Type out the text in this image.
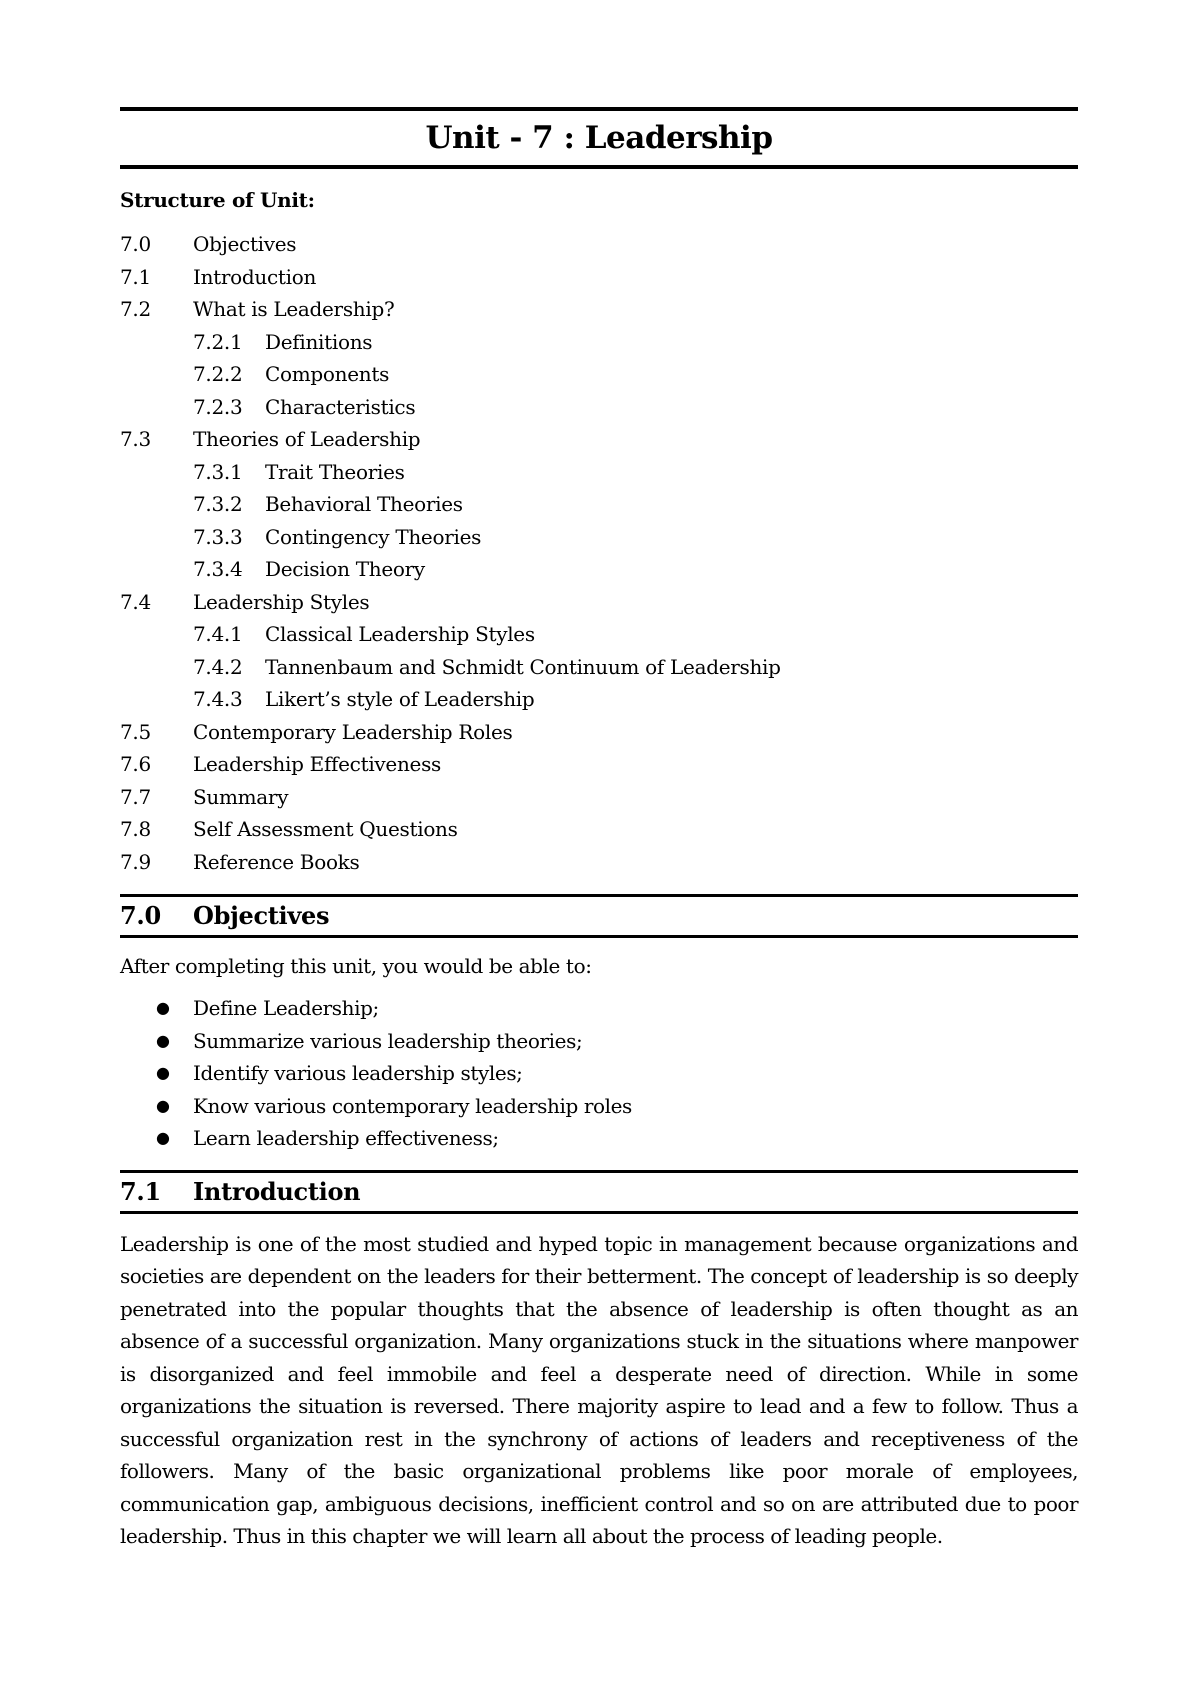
Unit - 7 : Leadership
Structure of Unit:
7.0	Objectives
7.1	Introduction
7.2	What is Leadership?
7.2.1	Definitions
7.2.2	Components
7.2.3	Characteristics
7.3	Theories of Leadership
7.3.1	Trait Theories
7.3.2	Behavioral Theories
7.3.3	Contingency Theories
7.3.4	Decision Theory
7.4	Leadership Styles
7.4.1	Classical Leadership Styles
7.4.2	Tannenbaum and Schmidt Continuum of Leadership
7.4.3	Likert’s style of Leadership
7.5	Contemporary Leadership Roles
7.6	Leadership Effectiveness
7.7	Summary
7.8	Self Assessment Questions
7.9	Reference Books
7.0	Objectives
After completing this unit, you would be able to:
●	Define Leadership;
●	Summarize various leadership theories;
●	Identify various leadership styles;
●	Know various contemporary leadership roles
●	Learn leadership effectiveness;
7.1	Introduction

Leadership is one of the most studied and hyped topic in management because organizations and societies are dependent on the leaders for their betterment. The concept of leadership is so deeply penetrated into the popular thoughts that the absence of leadership is often thought as an absence of a successful organization. Many organizations stuck in the situations where manpower is disorganized and feel immobile and feel a desperate need of direction. While in some organizations the situation is reversed. There majority aspire to lead and a few to follow. Thus a successful organization rest in the synchrony of actions of leaders and receptiveness of the followers. Many of the basic organizational problems like poor morale of employees, communication gap, ambiguous decisions, inefficient control and so on are attributed due to poor leadership. Thus in this chapter we will learn all about the process of leading people.
